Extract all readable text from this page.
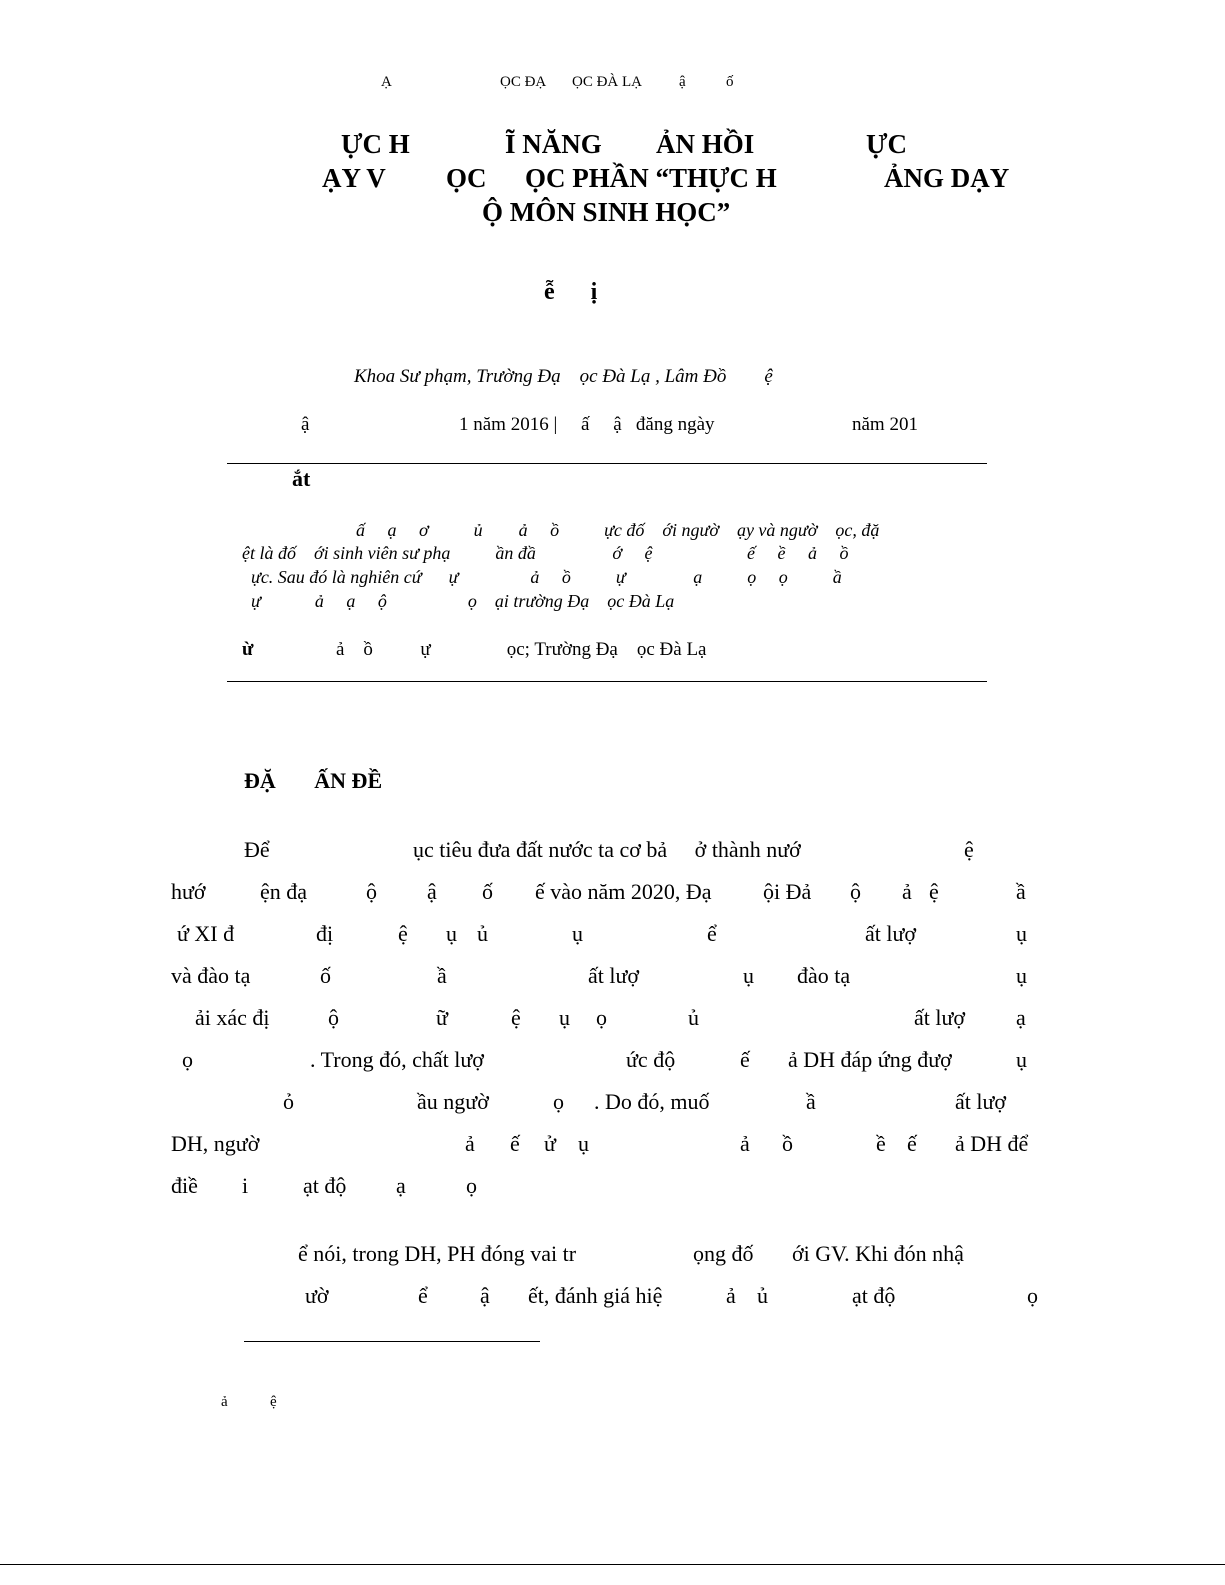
Ạ	ỌC ĐẠ ỌC ĐÀ LẠ ậ	ố
ỰC H	Ĩ NĂNG ẢN HỒI	ỰC
ẠY V ỌC ỌC PHẦN “THỰC H	ẢNG DẠY
Ộ MÔN SINH HỌC”
ễ      ị
Khoa Sư phạm, Trường Đạ    ọc Đà Lạ , Lâm Đồ        ệ
ậ	1 năm 2016 |     ấ     ậ   đăng ngày	năm 201
ắt
ấ     ạ     ơ          ủ        ả     ồ          ực đố    ới ngườ    ạy và ngườ    ọc, đặ
ệt là đố    ới sinh viên sư phạ          ần đầ                 ớ     ệ                     ế     ề     ả     ồ
ực. Sau đó là nghiên cứ      ự                ả     ồ          ự               ạ          ọ     ọ          ầ
ự            ả     ạ     ộ                  ọ    ại trường Đạ    ọc Đà Lạ
ừ	ả    ồ          ự                ọc; Trường Đạ    ọc Đà Lạ
ĐẶ       ẤN ĐỀ
Để	ục tiêu đưa đất nước ta cơ bả     ở thành nướ	ệ
hướ ện đạ	ộ ậ ố ế vào năm 2020, Đạ ội Đả ộ ả ệ	ầ
ứ XI đ	đị	ệ ụ ủ	ụ	ể	ất lượ	ụ
và đào tạ	ố	ầ	ất lượ	ụ đào tạ	ụ
ải xác đị	ộ	ữ	ệ ụ ọ	ủ	ất lượ ạ
ọ	. Trong đó, chất lượ	ức độ	ế ả DH đáp ứng đượ	ụ
ỏ	ầu ngườ	ọ . Do đó, muố	ầ	ất lượ
DH, ngườ	ả ế ử ụ	ả ồ	ề ế ả DH để
điề i ạt độ ạ	ọ
ể nói, trong DH, PH đóng vai tr	ọng đố ới GV. Khi đón nhậ
ườ	ể ậ ết, đánh giá hiệ	ả ủ	ạt độ	ọ
ả	ệ
